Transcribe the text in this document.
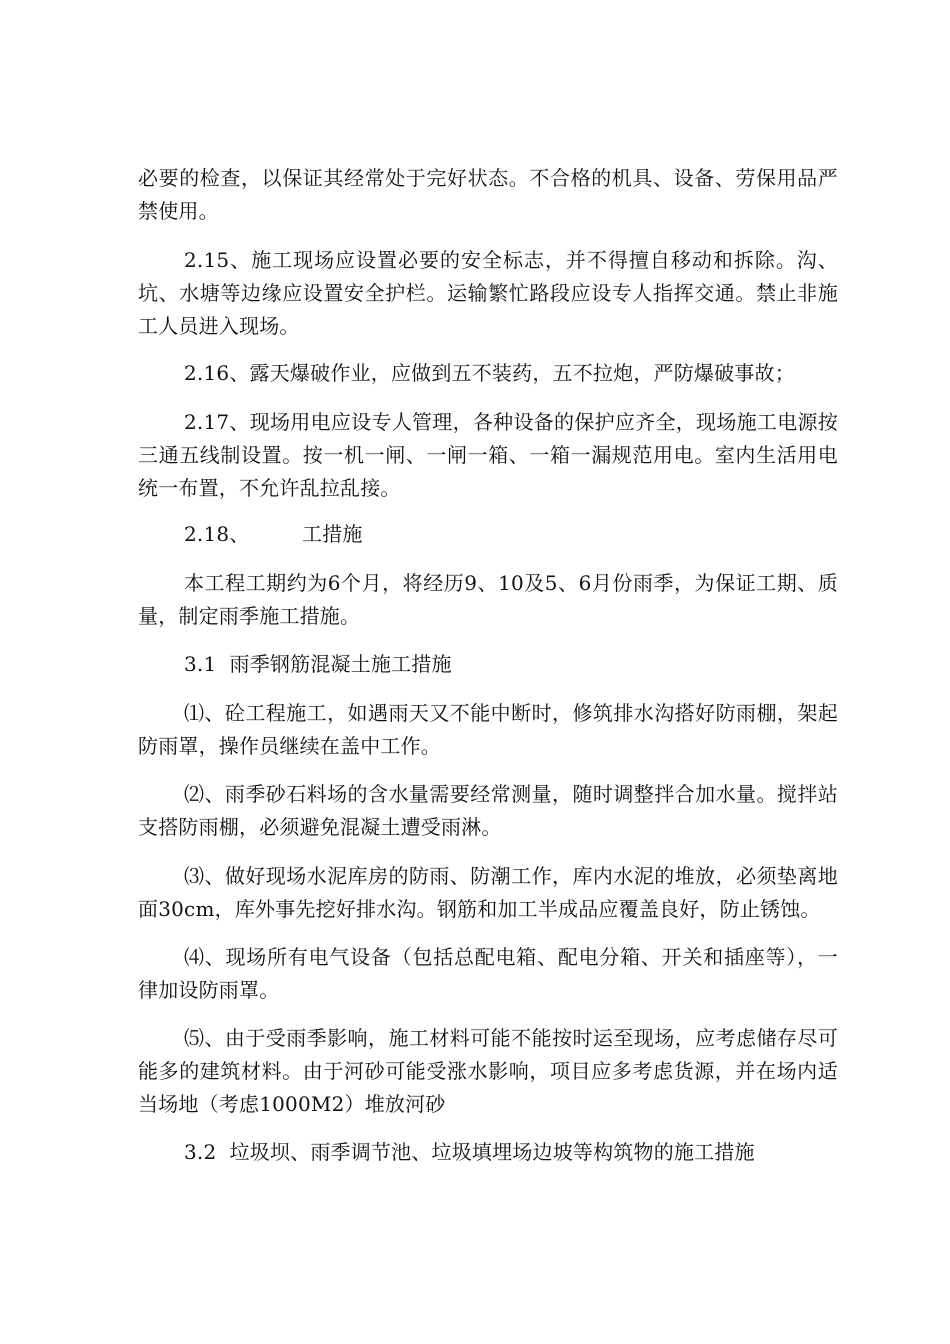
必要的检查，以保证其经常处于完好状态。不合格的机具、设备、劳保用品严禁使用。

2.15、施工现场应设置必要的安全标志，并不得擅自移动和拆除。沟、坑、水塘等边缘应设置安全护栏。运输繁忙路段应设专人指挥交通。禁止非施工人员进入现场。

2.16、露天爆破作业，应做到五不装药，五不拉炮，严防爆破事故；

2.17、现场用电应设专人管理，各种设备的保护应齐全，现场施工电源按三通五线制设置。按一机一闸、一闸一箱、一箱一漏规范用电。室内生活用电统一布置，不允许乱拉乱接。

2.18、        工措施

本工程工期约为6个月，将经历9、10及5、6月份雨季，为保证工期、质量，制定雨季施工措施。

3.1  雨季钢筋混凝土施工措施

⑴、砼工程施工，如遇雨天又不能中断时，修筑排水沟搭好防雨棚，架起防雨罩，操作员继续在盖中工作。

⑵、雨季砂石料场的含水量需要经常测量，随时调整拌合加水量。搅拌站支搭防雨棚，必须避免混凝土遭受雨淋。

⑶、做好现场水泥库房的防雨、防潮工作，库内水泥的堆放，必须垫离地面30cm，库外事先挖好排水沟。钢筋和加工半成品应覆盖良好，防止锈蚀。

⑷、现场所有电气设备（包括总配电箱、配电分箱、开关和插座等），一律加设防雨罩。

⑸、由于受雨季影响，施工材料可能不能按时运至现场，应考虑储存尽可能多的建筑材料。由于河砂可能受涨水影响，项目应多考虑货源，并在场内适当场地（考虑1000M2）堆放河砂

3.2  垃圾坝、雨季调节池、垃圾填埋场边坡等构筑物的施工措施
